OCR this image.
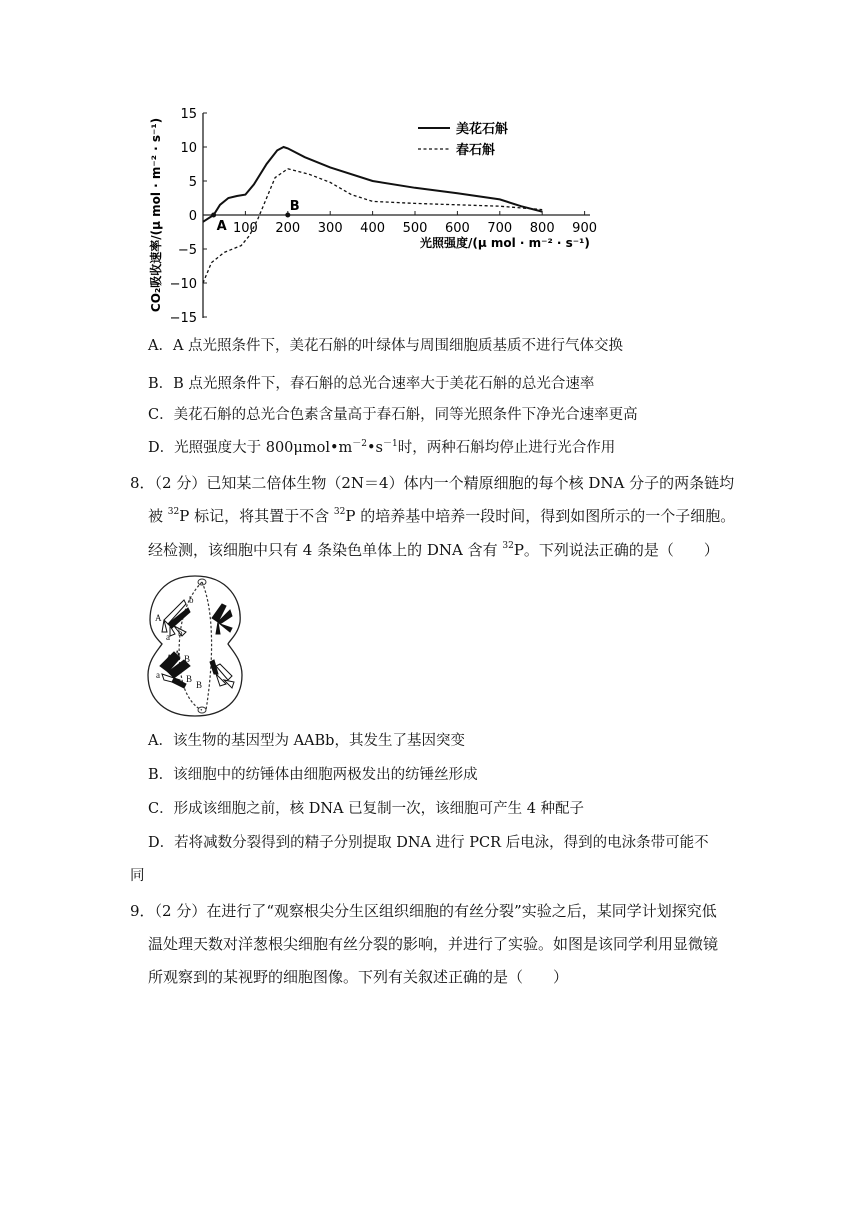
CO₂吸收速率/(μ mol · m⁻² · s⁻¹)
15
10
5
0
−5
−10
−15
100 200 300 400 500 600 700 800 900
光照强度/(μ mol · m⁻² · s⁻¹)
A
B
美花石斛
春石斛
A．A 点光照条件下，美花石斛的叶绿体与周围细胞质基质不进行气体交换
B．B 点光照条件下，春石斛的总光合速率大于美花石斛的总光合速率
C．美花石斛的总光合色素含量高于春石斛，同等光照条件下净光合速率更高
D．光照强度大于 $800\mu mol•m^{-2}•s^{-1}$时，两种石斛均停止进行光合作用
8．（2 分）已知某二倍体生物（2N＝4）体内一个精原细胞的每个核 DNA 分子的两条链均
被 $^{32}$P 标记，将其置于不含 $^{32}$P 的培养基中培养一段时间，得到如图所示的一个子细胞。
经检测，该细胞中只有 4 条染色单体上的 DNA 含有 $^{32}$P。下列说法正确的是（　　）
A
b
a b
A A B
a	B
B
A．该生物的基因型为 AABb，其发生了基因突变
B．该细胞中的纺锤体由细胞两极发出的纺锤丝形成
C．形成该细胞之前，核 DNA 已复制一次，该细胞可产生 4 种配子
D．若将减数分裂得到的精子分别提取 DNA 进行 PCR 后电泳，得到的电泳条带可能不
同
9．（2 分）在进行了“观察根尖分生区组织细胞的有丝分裂”实验之后，某同学计划探究低
温处理天数对洋葱根尖细胞有丝分裂的影响，并进行了实验。如图是该同学利用显微镜
所观察到的某视野的细胞图像。下列有关叙述正确的是（　　）
